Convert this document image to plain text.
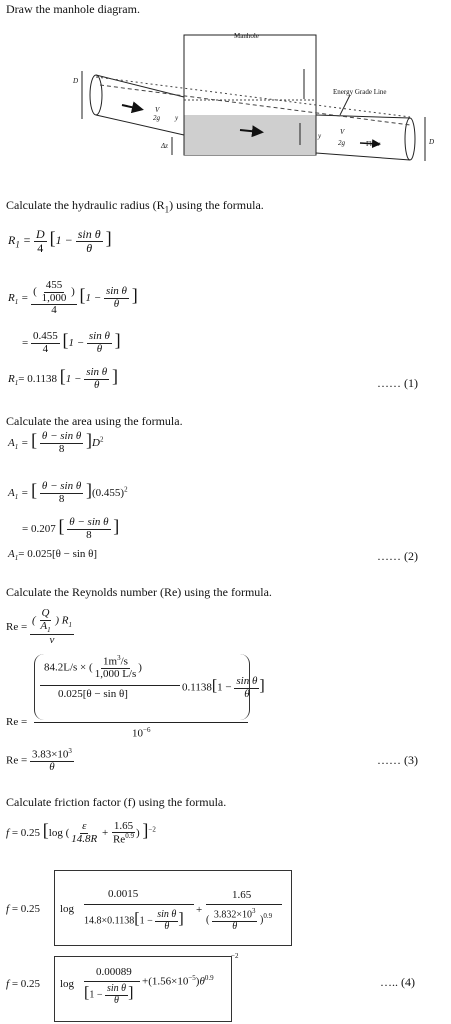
Draw the manhole diagram.
Manhole
Energy Grade Line
Flow
D
D
V
2g y
y	V
2g
Δz
Calculate the hydraulic radius $(R_1)$ using the formula.
$R_1 = \frac{D}{4} [1 - \frac{\text{sin θ}}{\theta}$ ]
$R_1 = \frac{( \frac{455}{1,000} )}{4} [1 - \frac{\text{sin θ}}{\theta}$ ]
= $\frac{0.455}{4} [1 - \frac{\text{sin θ}}{\theta}$ ]
$R_1= 0.1138$ [$1 - \frac{\text{sin θ}}{\theta}$ ]	…… (1)
Calculate the area using the formula.
$A_1$ = [ $\frac{\text{θ − sin θ}}{8} ]D^2$
$A_1$ = [ $\frac{\text{θ − sin θ}}{8} ](0.455)^2$
= 0.207 [ $\frac{\text{θ − sin θ}}{8}$ ]
$A_1= 0.025[\theta - \sin \theta]$	…… (2)
Calculate the Reynolds number (Re) using the formula.
$Re = \frac{( \frac{Q}{A_1} ) R_1}{\nu}$
84.2L/s × ( $\frac{1m^3/s}{1,000 L/s}$ )
0.025[θ − sin θ]
$0.1138[1 - \frac{\text{sin θ}}{\theta}$ ]
Re =
$10^{-6}$
$Re = \frac{3.83\times 10^3}{\theta}$	…… (3)
Calculate friction factor (f) using the formula.
f = 0.25 [log ( $\frac{\varepsilon}{14.8R} + \frac{1.65}{Re^{0.9}}$ ) ]$^{-2}$
f = 0.25 log
0.0015
$14.8\times 0.1138[1 - \frac{\text{sin θ}}{\theta}$ ]
+
1.65
( $\frac{3.832\times 10^3}{\theta} )^{0.9}$
f = 0.25 log
0.00089
[$1 - \frac{\text{sin θ}}{\theta}$ ]
$+(1.56\times 10^{-5})\theta^{0.9}$
−2
….. (4)
